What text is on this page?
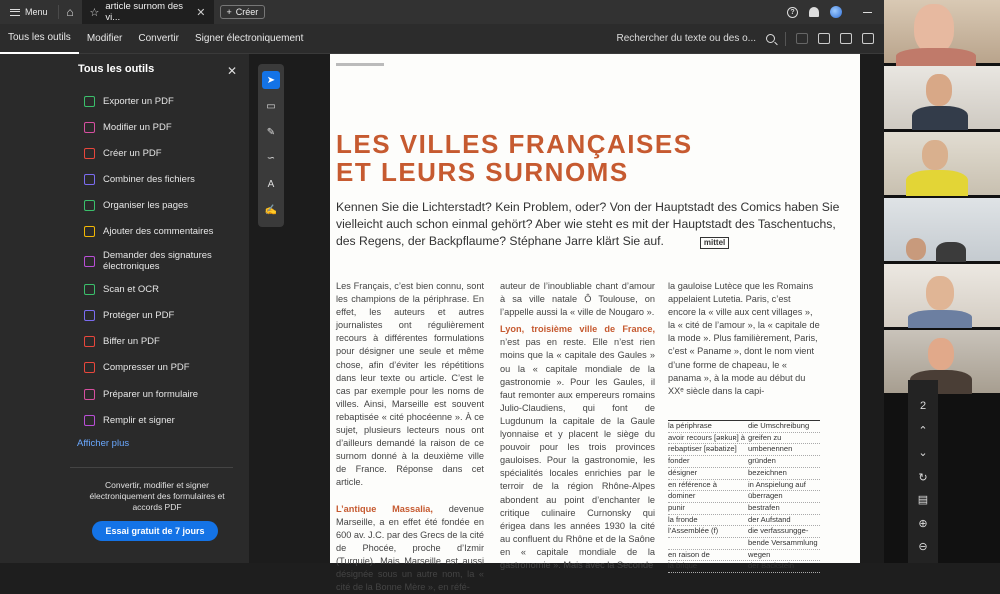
Menu	⌂	☆ article surnom des vi...	✕ + Créer	?
Tous les outils	Modifier	Convertir	Signer électroniquement	Rechercher du texte ou des o...
Tous les outils	✕
Exporter un PDF
Modifier un PDF
Créer un PDF
Combiner des fichiers
Organiser les pages
Ajouter des commentaires
Demander des signatures électroniques
Scan et OCR
Protéger un PDF
Biffer un PDF
Compresser un PDF
Préparer un formulaire
Remplir et signer
Afficher plus
Convertir, modifier et signer électroniquement des formulaires et accords PDF
Essai gratuit de 7 jours
➤
▭
✎
∽
A
✍
LES VILLES FRANÇAISES
ET LEURS SURNOMS
Kennen Sie die Lichterstadt? Kein Problem, oder? Von der Hauptstadt des Comics haben Sie vielleicht auch schon einmal gehört? Aber wie steht es mit der Hauptstadt des Taschentuchs, des Regens, der Backpflaume? Stéphane Jarre klärt Sie auf.	mittel

Les Français, c’est bien connu, sont les champions de la périphrase. En effet, les auteurs et autres journalistes ont régulièrement recours à différentes formulations pour désigner une seule et même chose, afin d’éviter les répétitions dans leur texte ou article. C’est le cas par exemple pour les noms de villes. Ainsi, Marseille est souvent rebaptisée « cité phocéenne ». À ce sujet, plusieurs lecteurs nous ont d’ailleurs demandé la raison de ce surnom donné à la deuxième ville de France. Réponse dans cet article.

L’antique Massalia, devenue Marseille, a en effet été fondée en 600 av. J.C. par des Grecs de la cité de Phocée, proche d’Izmir (Turquie). Mais Marseille est aussi désignée sous un autre nom, la « cité de la Bonne Mère », en réfé-

auteur de l’inoubliable chant d’amour à sa ville natale Ô Toulouse, on l’appelle aussi la « ville de Nougaro ».

Lyon, troisième ville de France, n’est pas en reste. Elle n’est rien moins que la « capitale des Gaules » ou la « capitale mondiale de la gastronomie ». Pour les Gaules, il faut remonter aux empereurs romains Julio-Claudiens, qui font de Lugdunum la capitale de la Gaule lyonnaise et y placent le siège du pouvoir pour les trois provinces gauloises. Pour la gastronomie, les spécialités locales enrichies par le terroir de la région Rhône-Alpes abondent au point d’enchanter le critique culinaire Curnonsky qui érigea dans les années 1930 la cité au confluent du Rhône et de la Saône en « capitale mondiale de la gastronomie ». Mais avec la Seconde

la gauloise Lutèce que les Romains appelaient Lutetia. Paris, c’est encore la « ville aux cent villages », la « cité de l’amour », la « capitale de la mode ». Plus familièrement, Paris, c’est « Paname », dont le nom vient d’une forme de chapeau, le « panama », à la mode au début du XXᵉ siècle dans la capi-

la périphrase	die Umschreibung
avoir recours [əʀkuʀ] à greifen zu
rebaptiser [ʀəbatize]	umbenennen
fonder	gründen
désigner	bezeichnen
en référence à	in Anspielung auf
dominer	überragen
punir	bestrafen
la fronde	der Aufstand
l’Assemblée (f)	die verfassungge-
bende Versammlung
en raison de	wegen
la brique	der Backstein
2
⌃
⌄
↻
▤
⊕
⊖
